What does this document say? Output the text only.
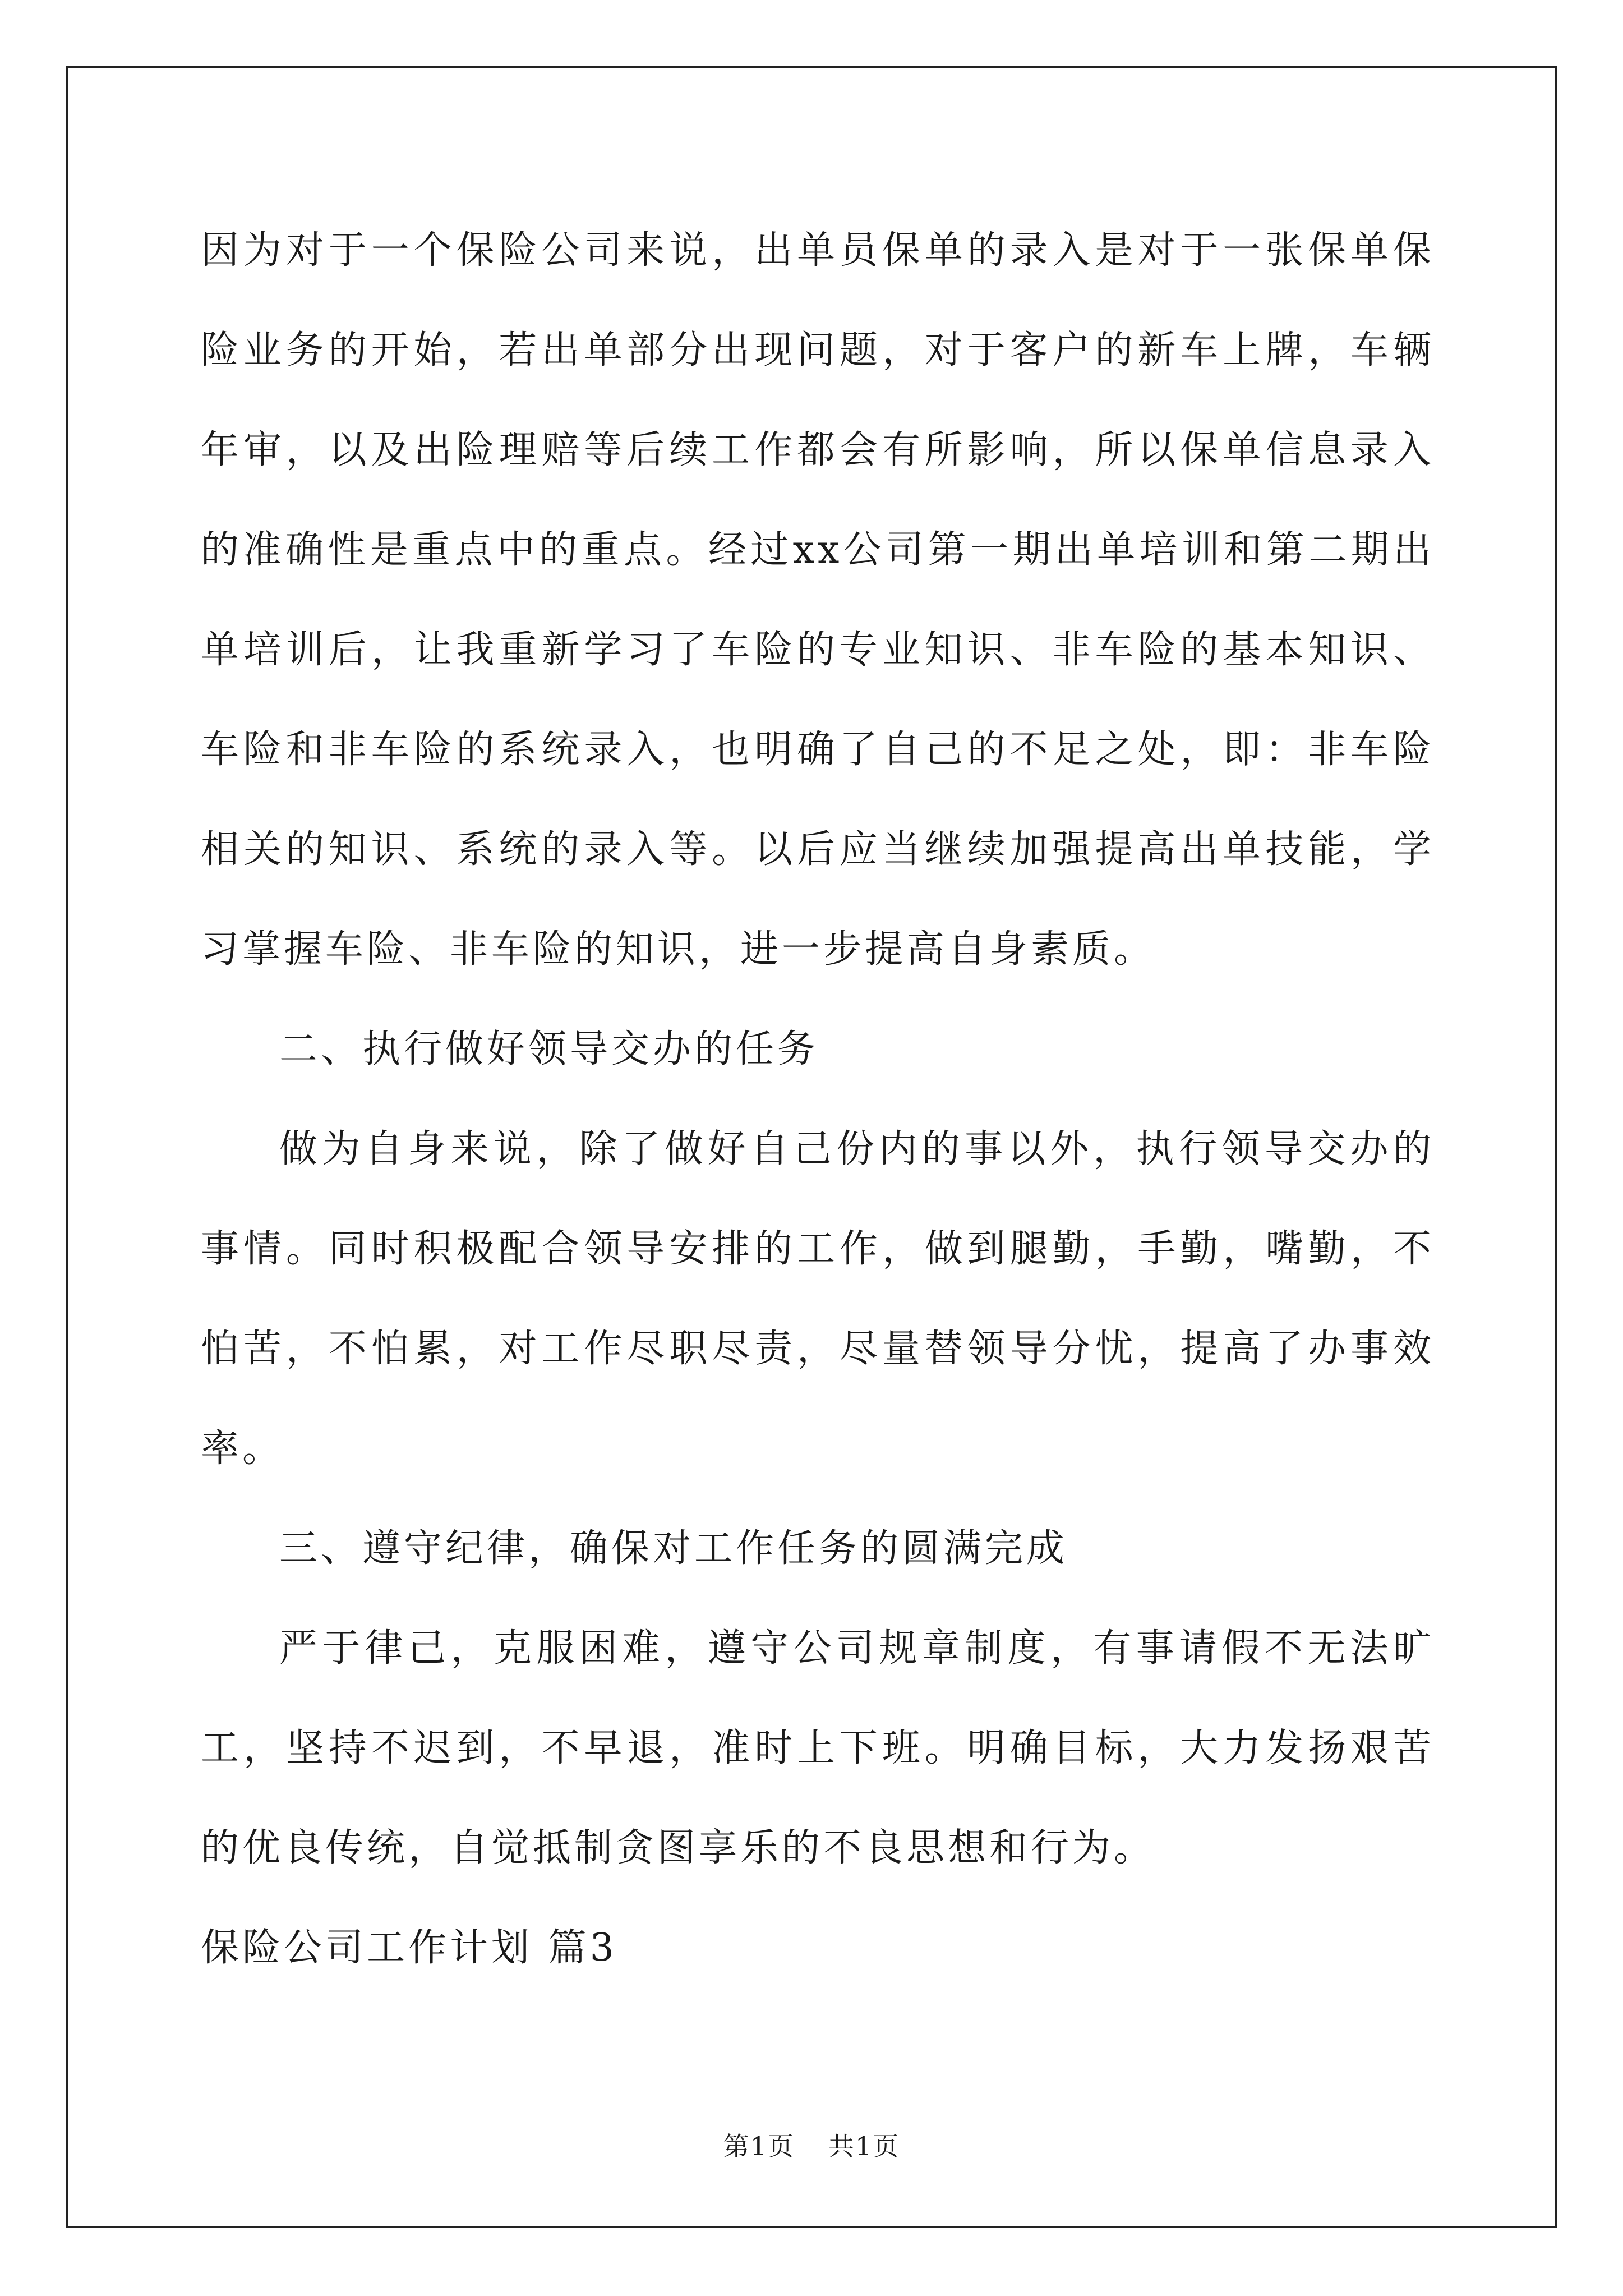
因为对于一个保险公司来说，出单员保单的录入是对于一张保单保险业务的开始，若出单部分出现问题，对于客户的新车上牌，车辆年审，以及出险理赔等后续工作都会有所影响，所以保单信息录入的准确性是重点中的重点。经过xx公司第一期出单培训和第二期出单培训后，让我重新学习了车险的专业知识、非车险的基本知识、车险和非车险的系统录入，也明确了自己的不足之处，即：非车险相关的知识、系统的录入等。以后应当继续加强提高出单技能，学习掌握车险、非车险的知识，进一步提高自身素质。

二、执行做好领导交办的任务

做为自身来说，除了做好自己份内的事以外，执行领导交办的事情。同时积极配合领导安排的工作，做到腿勤，手勤，嘴勤，不怕苦，不怕累，对工作尽职尽责，尽量替领导分忧，提高了办事效率。

三、遵守纪律，确保对工作任务的圆满完成

严于律己，克服困难，遵守公司规章制度，有事请假不无法旷工，坚持不迟到，不早退，准时上下班。明确目标，大力发扬艰苦的优良传统，自觉抵制贪图享乐的不良思想和行为。

保险公司工作计划 篇3

第1页 共1页
